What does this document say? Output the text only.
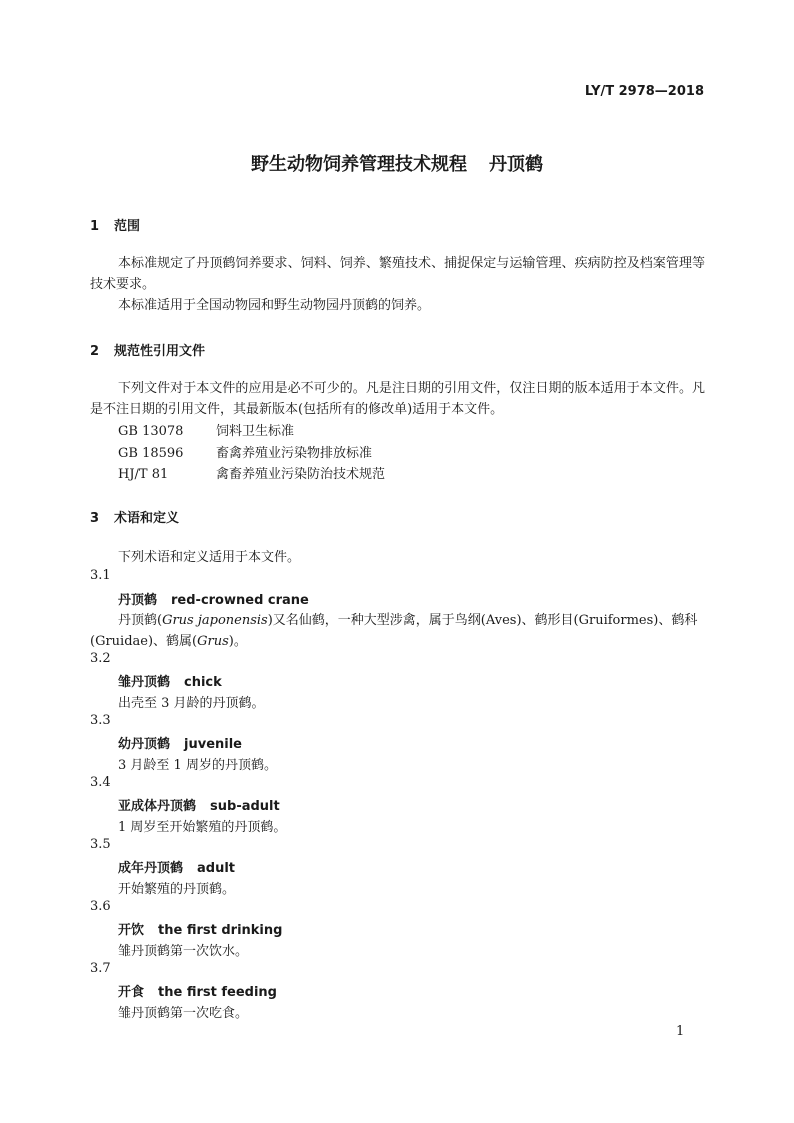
LY/T 2978—2018
野生动物饲养管理技术规程 丹顶鹤
1 范围
本标准规定了丹顶鹤饲养要求、饲料、饲养、繁殖技术、捕捉保定与运输管理、疾病防控及档案管理等技术要求。
本标准适用于全国动物园和野生动物园丹顶鹤的饲养。
2 规范性引用文件
下列文件对于本文件的应用是必不可少的。凡是注日期的引用文件，仅注日期的版本适用于本文件。凡是不注日期的引用文件，其最新版本(包括所有的修改单)适用于本文件。
GB 13078	饲料卫生标准
GB 18596	畜禽养殖业污染物排放标准
HJ/T 81	禽畜养殖业污染防治技术规范
3 术语和定义
下列术语和定义适用于本文件。
3.1
丹顶鹤 red-crowned crane
丹顶鹤(Grus japonensis)又名仙鹤，一种大型涉禽，属于鸟纲(Aves)、鹤形目(Gruiformes)、鹤科
(Gruidae)、鹤属(Grus)。
3.2
雏丹顶鹤 chick
出壳至 3 月龄的丹顶鹤。
3.3
幼丹顶鹤 juvenile
3 月龄至 1 周岁的丹顶鹤。
3.4
亚成体丹顶鹤 sub-adult
1 周岁至开始繁殖的丹顶鹤。
3.5
成年丹顶鹤 adult
开始繁殖的丹顶鹤。
3.6
开饮 the first drinking
雏丹顶鹤第一次饮水。
3.7
开食 the first feeding
雏丹顶鹤第一次吃食。
1
